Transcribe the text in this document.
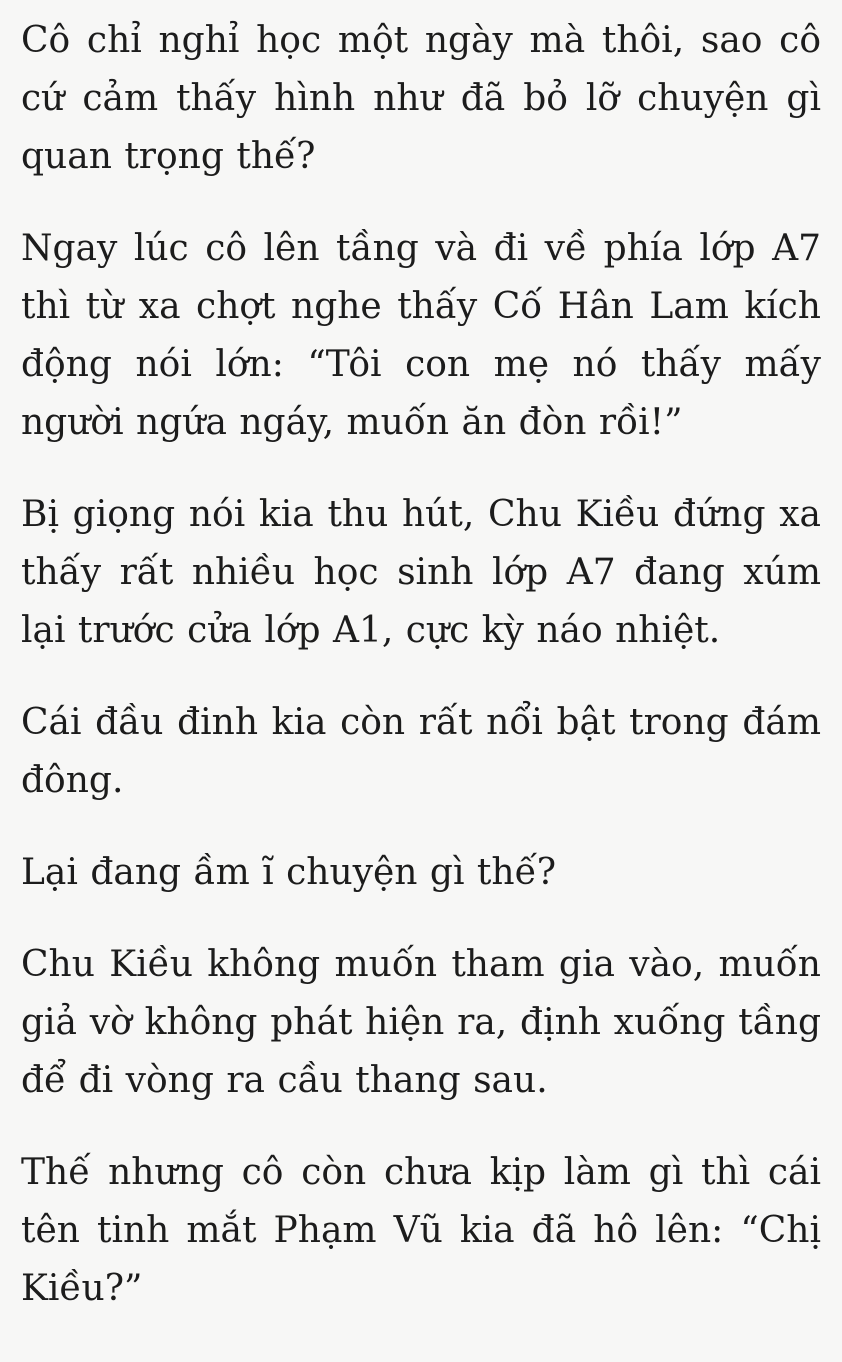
Cô chỉ nghỉ học một ngày mà thôi, sao cô cứ cảm thấy hình như đã bỏ lỡ chuyện gì quan trọng thế?

Ngay lúc cô lên tầng và đi về phía lớp A7 thì từ xa chợt nghe thấy Cố Hân Lam kích động nói lớn: “Tôi con mẹ nó thấy mấy người ngứa ngáy, muốn ăn đòn rồi!”

Bị giọng nói kia thu hút, Chu Kiều đứng xa thấy rất nhiều học sinh lớp A7 đang xúm lại trước cửa lớp A1, cực kỳ náo nhiệt.

Cái đầu đinh kia còn rất nổi bật trong đám đông.

Lại đang ầm ĩ chuyện gì thế?

Chu Kiều không muốn tham gia vào, muốn giả vờ không phát hiện ra, định xuống tầng để đi vòng ra cầu thang sau.

Thế nhưng cô còn chưa kịp làm gì thì cái tên tinh mắt Phạm Vũ kia đã hô lên: “Chị Kiều?”
